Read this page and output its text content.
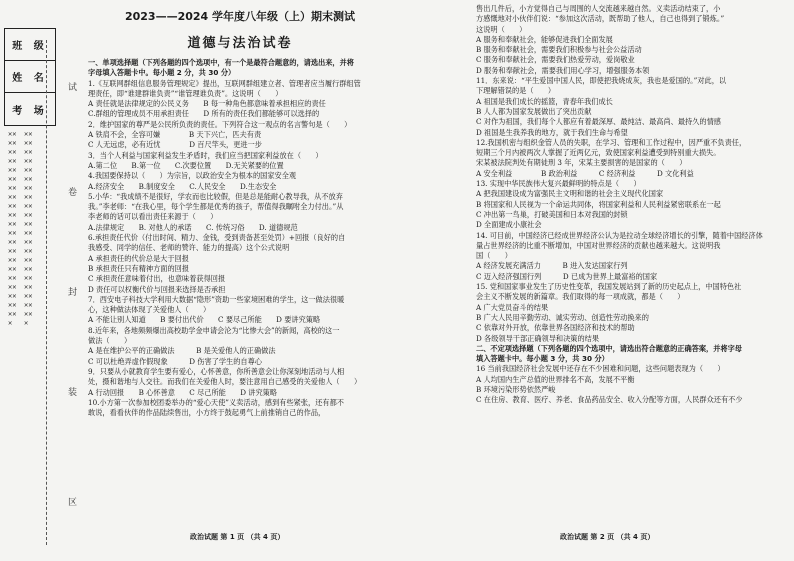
班 级
姓 名
考 场
✕✕✕✕✕✕✕✕✕✕✕✕✕✕✕✕✕✕✕✕✕✕✕✕✕✕✕✕✕✕✕✕✕✕✕✕✕✕✕✕✕✕✕
✕✕✕✕✕✕✕✕✕✕✕✕✕✕✕✕✕✕✕✕✕✕✕✕✕✕✕✕✕✕✕✕✕✕✕✕✕✕✕✕✕✕✕
试
卷
封
装
区
2023——2024 学年度八年级（上）期末测试
道德与法治试卷

一、单项选择题（下列各题的四个选项中，有一个是最符合题意的，请选出来，并将

字母填入答题卡中。每小题 2 分，共 30 分）

1.《互联网群组信息服务管理规定》提出，互联网群组建立者、管理者应当履行群组管

理责任，即“谁建群谁负责”“谁管理谁负责”。这说明（　　）

A 责任就是法律规定的公民义务　　B 每一种角色都意味着承担相应的责任

C.群组的管理成员不用承担责任　　D 所有的责任我们都能够可以选择的

2．维护国家的尊严是公民所负责的责任。下列符合这一观点的名言警句是（　　）

A 铁肩不会，全容可嫌　　　　B 天下兴亡，匹夫有责

C 人无远虑，必有近忧　　　　D 百尺竿头，更进一步

3．当个人利益与国家利益发生矛盾时，我们应当把国家利益放在（　　）

A.第二位　　B.第一位　　C.次要位置　　D.无关紧要的位置

4.我国要保持以（　　）为宗旨，以政治安全为根本的国家安全观

A.经济安全　　B.制度安全　　C.人民安全　　D.生态安全

5.小华：“我成绩不是很好，学农而也比较假，但是总是能耐心教导我，从不放弃

我。”李老师：“在我心里，每个学生都是优秀的孩子，帮值得我瞩咐全力付出。”从

李老师的话可以看出责任来源于（　　）

A.法律规定　　B. 对他人的承诺　　C. 传统习俗　　D. 道德规范

6.承担责任代价（付出时间、精力、金钱，受到责备甚至处罚）+回报（良好的自

我感受、同学的信任、老师的赞许、能力的提高）这个公式说明

A 承担责任的代价总是大于回报

B 承担责任只有精神方面的回报

C 承担责任意味着付出，也意味着获得回报

D 责任可以权衡代价与回报来选择是否承担

7．西安电子科技大学利用大数据“隐形”资助一些家境困难的学生，这一做法很暖

心，这种做法体现了关爱他人（　　）

A 不能让别人知道　　B 要付出代价　　C 要尽己所能　　D 要讲究策略

8.近年来，各地频频爆出高校助学金申请会沦为“比惨大会”的新闻，高校的这一

做法（　　）

A 是在维护公平的正确做法　　　B 是关爱他人的正确做法

C 可以杜绝弄虚作假现象　　　D 伤害了学生的自尊心

9．只要从小就教育学生要有爱心，心怀善意，你所善意会让你深刻地活动与人相

处，摄和谐地与人交往。而我们在关爱他人时，要注意用自己感受的关爱他人（　　）

A 行动回报　　B 心怀善意　　C 尽己所能　　D 讲究策略

10.小方第一次参加校团委举办的“爱心天使”义卖活动，感到有些紧张，还有都不

敢说，看看伙伴的作品陆续售出，小方终于鼓起勇气上前推销自己的作品，

售出几件后，小方觉得自己与周围的人交流越来越自然。义卖活动结束了，小

方感慨地对小伙伴们说：“参加这次活动，既帮助了他人，自己也得到了锻炼。”

这说明（　　）

A 服务和奉献社会，能够促进我们全面发展

B 服务和奉献社会，需要我们积极参与社会公益活动

C 服务和奉献社会，需要我们热爱劳动，爱岗敬业

D 服务和奉献社会，需要我们用心学习，增强服务本领

11．东来说：“平生爱国中国人民，即使把我烧成灰，我也是爱国的。”对此，以

下理解错误的是（　　）

A 祖国是我们成长的摇篮，青春年我们成长

B 人人都为国家发展做出了突出贡献

C 对作为祖国，我们每个人都应有着最深厚、最纯洁、最高尚、最持久的情感

D 祖国是生我养我的地方，就于我们生命与希望

12.我国机密与组织金管人员的失职，在学习、管理和工作过程中，因严重不负责任，

短期三个月内被两次人掌握了近两亿元，致使国家利益遭受到特别重大损失。

宋某被法院判处有期徒刑 3 年，宋某主要损害的是国家的（　　）

A 安全利益　　　　B 政治利益　　　C 经济利益　　　D 文化利益

13. 实现中华民族伟大复兴最鲜明的特点是（　　）

A 把我国建设成为富强民主文明和谐的社会主义现代化国家

B 将国家和人民视为一个命运共同体，将国家利益和人民利益紧密联系在一起

C 冲出第一鸟巢，打破美国和日本对我国的封锁

D 全面建成小康社会

14. 可目前，中国经济已经成世界经济公认为是拉动全球经济增长的引擎，随着中国经济体

量占世界经济的比重不断增加，中国对世界经济的贡献也越来越大。这说明我

国（　　）

A 经济发展充满活力　　　B 进入发达国家行列

C 迈入经济强国行列　　　D 已成为世界上最富裕的国家

15. 党和国家事业发生了历史性变革，我国发展站到了新的历史起点上，中国特色社

会主义不断发展的新篇章。我们取得的每一项成就，都是（　　）

A 广大党员奋斗的结果

B 广大人民用辛勤劳动、诚实劳动、创造性劳动换来的

C 依靠对外开放，依靠世界各国经济和技术的帮助

D 各级领导干部正确领导和决策的结果

二、不定项选择题（下列各题的四个选项中，请选出符合题意的正确答案，并将字母

填入答题卡中。每小题 3 分，共 30 分）

16 当前我国经济社会发展中还存在不少困难和问题，这些问题表现为（　　）

A 人均国内生产总值的世界排名不高，发展不平衡

B 环境污染形势依然严峻

C 在住房、教育、医疗、养老、食品药品安全、收入分配等方面，人民群众还有不少

政治试题 第 1 页 （共 4 页）	政治试题 第 2 页 （共 4 页）
